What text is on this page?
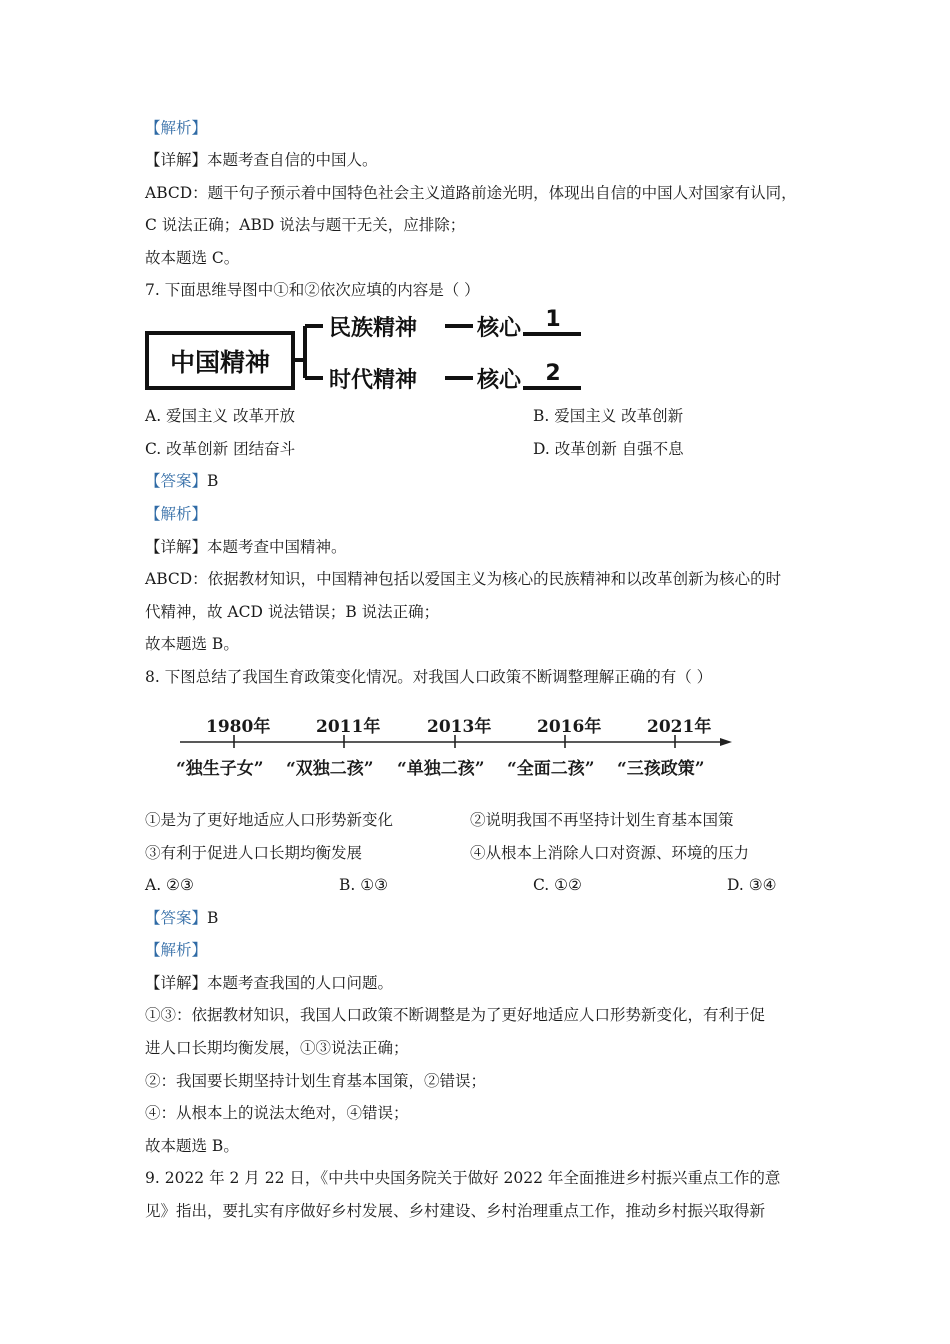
【解析】
【详解】本题考查自信的中国人。
ABCD：题干句子预示着中国特色社会主义道路前途光明，体现出自信的中国人对国家有认同，
C 说法正确；ABD 说法与题干无关，应排除；
故本题选 C。
7. 下面思维导图中①和②依次应填的内容是（ ）
中国精神
民族精神
时代精神
核心
核心
1
2
A. 爱国主义 改革开放	B. 爱国主义 改革创新
C. 改革创新 团结奋斗	D. 改革创新 自强不息
【答案】B
【解析】
【详解】本题考查中国精神。
ABCD：依据教材知识，中国精神包括以爱国主义为核心的民族精神和以改革创新为核心的时
代精神，故 ACD 说法错误；B 说法正确；
故本题选 B。
8. 下图总结了我国生育政策变化情况。对我国人口政策不断调整理解正确的有（ ）
1980年	2011年	2013年	2016年	2021年
“独生子女” “双独二孩” “单独二孩” “全面二孩” “三孩政策”
①是为了更好地适应人口形势新变化	②说明我国不再坚持计划生育基本国策
③有利于促进人口长期均衡发展	④从根本上消除人口对资源、环境的压力
A. ②③	B. ①③	C. ①②	D. ③④
【答案】B
【解析】
【详解】本题考查我国的人口问题。
①③：依据教材知识，我国人口政策不断调整是为了更好地适应人口形势新变化，有利于促
进人口长期均衡发展，①③说法正确；
②：我国要长期坚持计划生育基本国策，②错误；
④：从根本上的说法太绝对，④错误；
故本题选 B。
9. 2022 年 2 月 22 日，《中共中央国务院关于做好 2022 年全面推进乡村振兴重点工作的意
见》指出，要扎实有序做好乡村发展、乡村建设、乡村治理重点工作，推动乡村振兴取得新
